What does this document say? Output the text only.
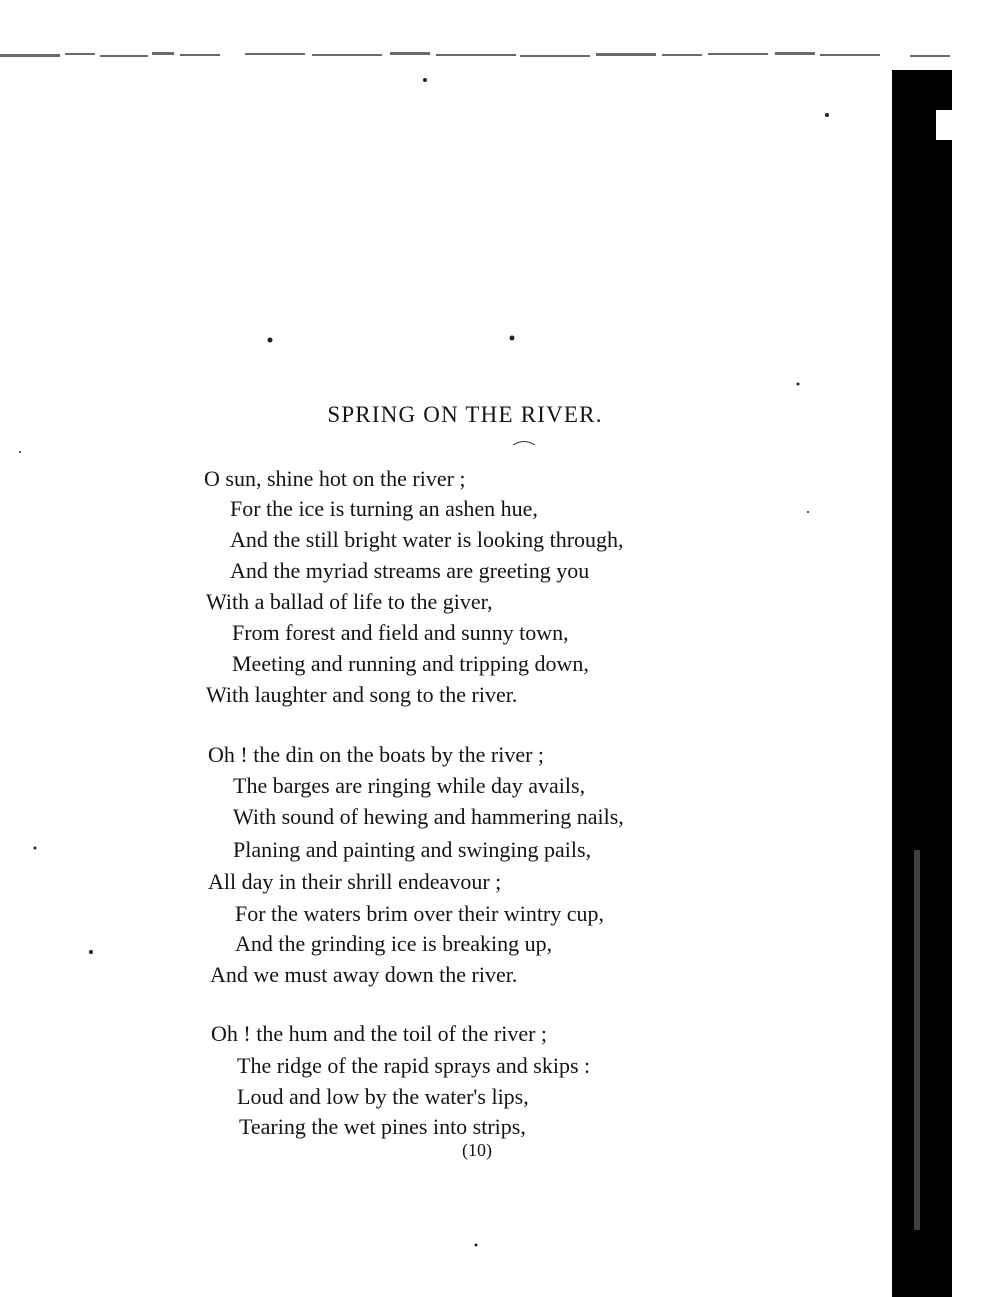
SPRING ON THE RIVER.
O sun, shine hot on the river ;
For the ice is turning an ashen hue,
And the still bright water is looking through,
And the myriad streams are greeting you
With a ballad of life to the giver,
From forest and field and sunny town,
Meeting and running and tripping down,
With laughter and song to the river.
Oh ! the din on the boats by the river ;
The barges are ringing while day avails,
With sound of hewing and hammering nails,
Planing and painting and swinging pails,
All day in their shrill endeavour ;
For the waters brim over their wintry cup,
And the grinding ice is breaking up,
And we must away down the river.
Oh ! the hum and the toil of the river ;
The ridge of the rapid sprays and skips :
Loud and low by the water's lips,
Tearing the wet pines into strips,
(10)
